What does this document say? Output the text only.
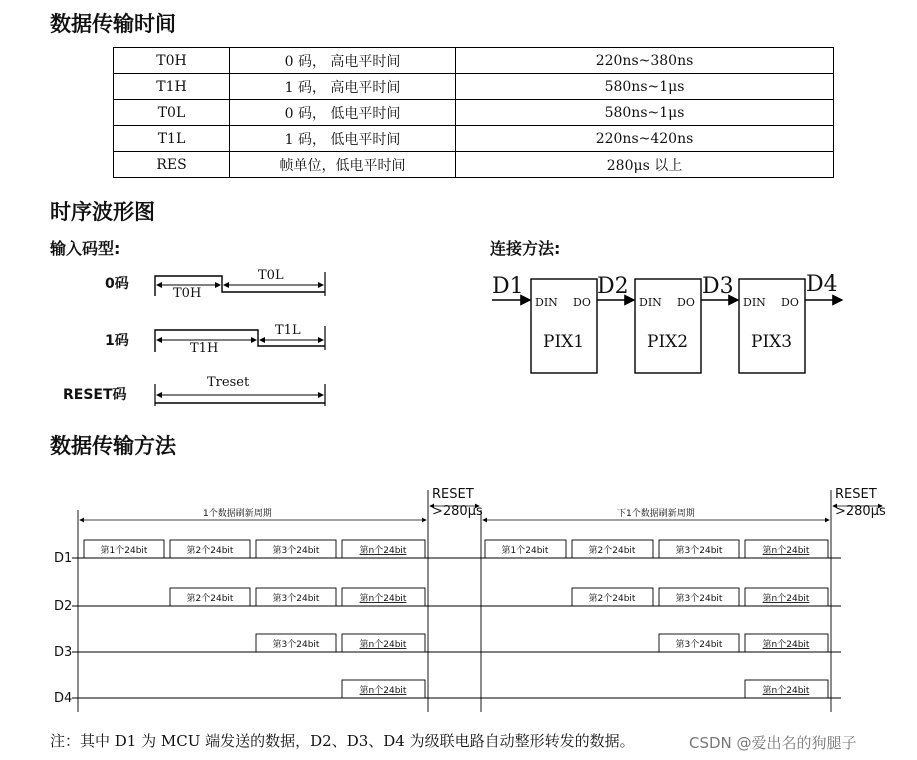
数据传输时间
T0H	0 码， 高电平时间	220ns~380ns
T1H	1 码， 高电平时间	580ns~1μs
T0L	0 码， 低电平时间	580ns~1μs
T1L	1 码， 低电平时间	220ns~420ns
RES	帧单位，低电平时间	280μs 以上
时序波形图
输入码型:	连接方法:
数据传输方法
0码
1码
RESET码
T0H
T0L
T1H
T1L
Treset
D1	D2	D3	D4
DIN DO	DIN DO	DIN DO
PIX1	PIX2	PIX3
1个数据刷新周期	下1个数据刷新周期
RESET
>280μs
RESET
>280μs
D1
D2
D3
D4
第1个24bit	第2个24bit	第3个24bit	第n个24bit
第2个24bit	第3个24bit	第n个24bit
第3个24bit	第n个24bit
第n个24bit
第1个24bit	第2个24bit	第3个24bit	第n个24bit
第2个24bit	第3个24bit	第n个24bit
第3个24bit	第n个24bit
第n个24bit
注：其中 D1 为 MCU 端发送的数据，D2、D3、D4 为级联电路自动整形转发的数据。	CSDN @爱出名的狗腿子
